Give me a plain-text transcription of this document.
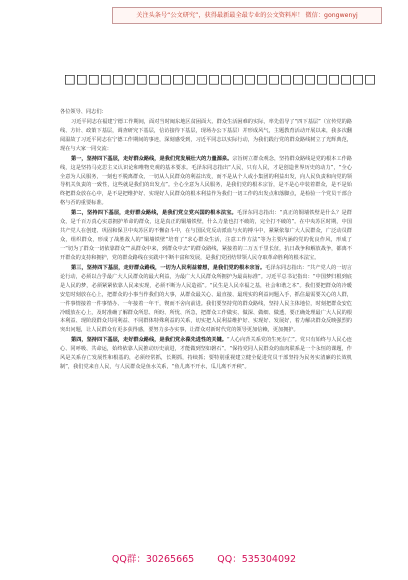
关注头条号“公文研究”，获得最新最全最专业的公文资料库！ 微信：gongwenyj
□□□□□□□□□□□□□□□□□□□□□□□□□□

各位领导、同志们：

习近平同志在福建宁德工作期间，面对当时闽东地区贫困面大、群众生活困难的实际，率先倡导了“四下基层”（宣传党的路线、方针、政策下基层，调查研究下基层，信访接待下基层，现场办公下基层）并形成风气，主题教育活动开展以来，我多次翻阅温故了习近平同志在宁德工作期间的事迹，深刻感受到，习近平同志以实际行动，为我们践行党的群众路线树立了光辉典范，现在与大家一同交流：

第一，坚持四下基层，走好群众路线，是我们党发展壮大的力量源泉。宗旨树立群众观念，坚持群众路线是党的根本工作路线，这是坚持马克思主义认识论和唯物史观的基本要求。毛泽东同志指出“人民，只有人民，才是创造世界历史的动力”，“全心全意为人民服务，一刻也不脱离群众，一切从人民群众的利益出发，而不是从个人或小集团的利益出发，向人民负责和向党的领导机关负责的一致性，这些就是我们的出发点”。全心全意为人民服务，是我们党的根本宗旨，是不是心中装着群众，是不是始终把群众放在心中，是不是把维护好、实现好人民群众的根本利益作为我们一切工作的出发点和落脚点，是检验一个党员干部合格与否的重要标准。

第二，坚持四下基层，走好群众路线，是我们党立党兴国的根本法宝。毛泽东同志指出：“真正的铜墙铁壁是什么？是群众，是千百万真心实意拥护革命的群众，这是真正的铜墙铁壁，什么力量也打不破的，完全打不破的”。在中央苏区时期，中国共产党人在创建、巩固和保卫中央苏区的不懈奋斗中，在与国民党反动派血与火的搏斗中，紧紧依靠广大人民群众，广泛动员群众，组织群众，形成了战胜敌人的“铜墙铁壁”培育了“求心群众生活，注意工作方法”等为主要内涵的党的优良作风，形成了一“切为了群众一切依靠群众”“从群众中来，到群众中去”的群众路线，紧接着的二万五千里长征，抗日战争和解放战争，都离不开群众的支持和拥护，党的群众路线在实践中不断丰富和发展，是我们党团结带领人民夺取革命胜利的根本法宝。

第三，坚持四下基层，走好群众路线，一切为人民利益着想，是我们党的根本宗旨。毛泽东同志指出：“共产党人的一切言论行动，必须以合乎最广大人民群众的最大利益，为最广大人民群众所拥护为最高标准”。习近平总书记指出：“中国梦归根到底是人民的梦，必须紧紧依靠人民来实现，必须不断为人民造福”。“民生是人民幸福之基，社会和谐之本”。我们要把群众的冷暖安危时刻放在心上，把群众的小事当作我们的大事，从群众最关心、最直接、最现实的利益问题入手，抓住最需要关心的人群，一件事情接着一件事情办、一年接着一年干，锲而不舍向前进。我们要坚持党的群众路线，坚持人民主体地位，时刻把群众安危冷暖放在心上，及时准确了解群众所思、所盼、所忧、所急，把群众工作做实、做深、做细、做透，要正确处理最广大人民的根本利益、现阶段群众共同利益、不同群体特殊利益的关系，切实把人民利益维护好、实现好、发展好，着力解决群众反映强烈的突出问题，让人民群众有更多获得感，要努力多办实事，让群众对新时代党的领导更加信赖，更加拥护。

第四，坚持四下基层，走好群众路线，是我们党永葆先进性的关键。“人心向背关系党的生死存亡”。党只有始终与人民心连心、同呼吸、共命运，始终依靠人民推动历史前进，才能做到坚如磐石”。“保持党同人民群众的血肉联系是一个永恒的课题，作风是关系存亡发展性和根基的，必须经常抓，长期抓，持续抓；要特别重视建立健全促进党员干部坚持为民务实清廉的长效机制”，我们党来自人民，与人民群众是鱼水关系，“鱼儿离不开水，瓜儿离不开秧”。

QQ群：30265665 QQ：535304092
